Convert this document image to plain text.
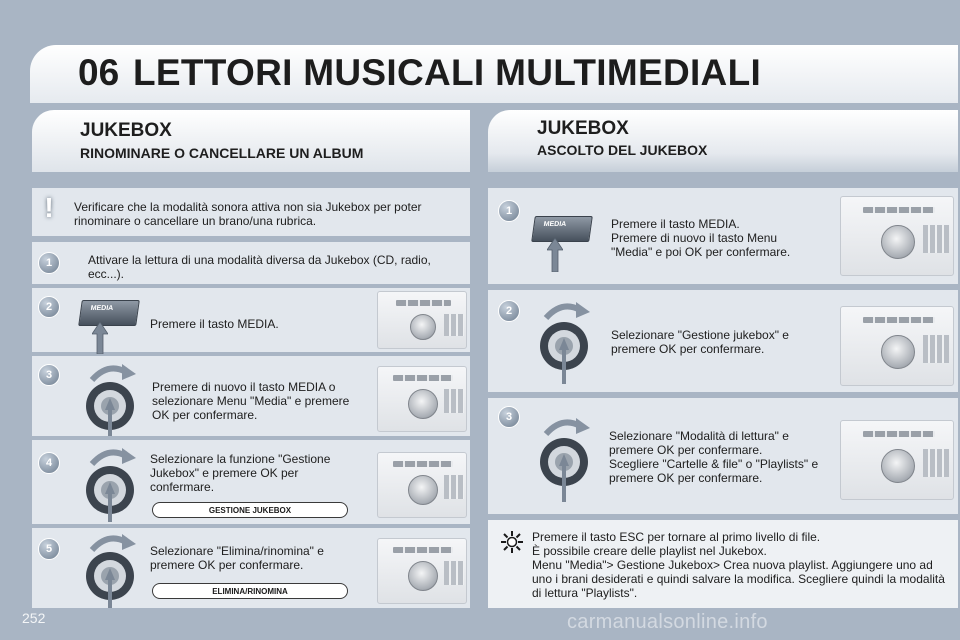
06 LETTORI MUSICALI MULTIMEDIALI
JUKEBOX
RINOMINARE O CANCELLARE UN ALBUM
JUKEBOX
ASCOLTO DEL JUKEBOX
!	Verificare che la modalità sonora attiva non sia Jukebox per poter rinominare o cancellare un brano/una rubrica.
1	Attivare la lettura di una modalità diversa da Jukebox (CD, radio, ecc...).
2	MEDIA
Premere il tasto MEDIA.
3
Premere di nuovo il tasto MEDIA o selezionare Menu "Media" e premere OK per confermare.
4	Selezionare la funzione "Gestione Jukebox" e premere OK per confermare.
GESTIONE JUKEBOX
5	Selezionare "Elimina/rinomina" e premere OK per confermare.
ELIMINA/RINOMINA
1
MEDIA	Premere il tasto MEDIA.
Premere di nuovo il tasto Menu "Media" e poi OK per confermare.
2
Selezionare "Gestione jukebox" e premere OK per confermare.
3
Selezionare "Modalità di lettura" e premere OK per confermare.
Scegliere "Cartelle & file" o "Playlists" e premere OK per confermare.
Premere il tasto ESC per tornare al primo livello di file.
È possibile creare delle playlist nel Jukebox.
Menu "Media"> Gestione Jukebox> Crea nuova playlist. Aggiungere uno ad uno i brani desiderati e quindi salvare la modifica. Scegliere quindi la modalità di lettura "Playlists".
252	carmanualsonline.info
